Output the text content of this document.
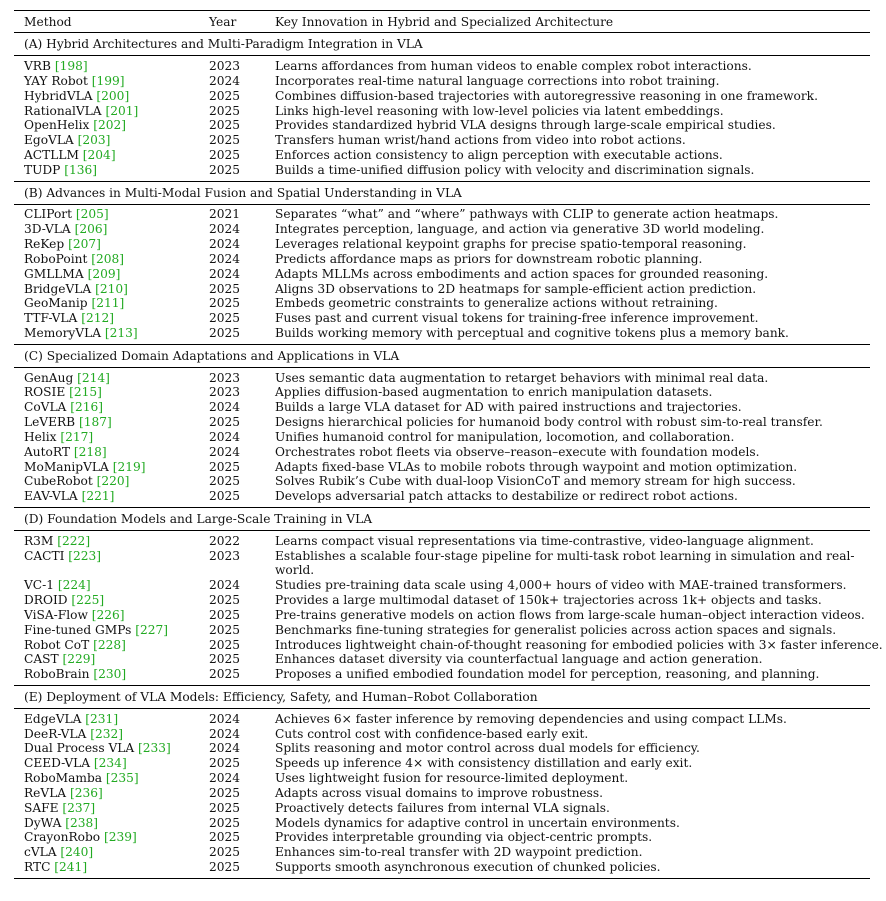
Method	Year	Key Innovation in Hybrid and Specialized Architecture
(A) Hybrid Architectures and Multi-Paradigm Integration in VLA
VRB [198]	2023	Learns affordances from human videos to enable complex robot interactions.
YAY Robot [199]	2024	Incorporates real-time natural language corrections into robot training.
HybridVLA [200]	2025	Combines diffusion-based trajectories with autoregressive reasoning in one framework.
RationalVLA [201]	2025	Links high-level reasoning with low-level policies via latent embeddings.
OpenHelix [202]	2025	Provides standardized hybrid VLA designs through large-scale empirical studies.
EgoVLA [203]	2025	Transfers human wrist/hand actions from video into robot actions.
ACTLLM [204]	2025	Enforces action consistency to align perception with executable actions.
TUDP [136]	2025	Builds a time-unified diffusion policy with velocity and discrimination signals.
(B) Advances in Multi-Modal Fusion and Spatial Understanding in VLA
CLIPort [205]	2021	Separates “what” and “where” pathways with CLIP to generate action heatmaps.
3D-VLA [206]	2024	Integrates perception, language, and action via generative 3D world modeling.
ReKep [207]	2024	Leverages relational keypoint graphs for precise spatio-temporal reasoning.
RoboPoint [208]	2024	Predicts affordance maps as priors for downstream robotic planning.
GMLLMA [209]	2024	Adapts MLLMs across embodiments and action spaces for grounded reasoning.
BridgeVLA [210]	2025	Aligns 3D observations to 2D heatmaps for sample-efficient action prediction.
GeoManip [211]	2025	Embeds geometric constraints to generalize actions without retraining.
TTF-VLA [212]	2025	Fuses past and current visual tokens for training-free inference improvement.
MemoryVLA [213]	2025	Builds working memory with perceptual and cognitive tokens plus a memory bank.
(C) Specialized Domain Adaptations and Applications in VLA
GenAug [214]	2023	Uses semantic data augmentation to retarget behaviors with minimal real data.
ROSIE [215]	2023	Applies diffusion-based augmentation to enrich manipulation datasets.
CoVLA [216]	2024	Builds a large VLA dataset for AD with paired instructions and trajectories.
LeVERB [187]	2025	Designs hierarchical policies for humanoid body control with robust sim-to-real transfer.
Helix [217]	2024	Unifies humanoid control for manipulation, locomotion, and collaboration.
AutoRT [218]	2024	Orchestrates robot fleets via observe–reason–execute with foundation models.
MoManipVLA [219]	2025	Adapts fixed-base VLAs to mobile robots through waypoint and motion optimization.
CubeRobot [220]	2025	Solves Rubik’s Cube with dual-loop VisionCoT and memory stream for high success.
EAV-VLA [221]	2025	Develops adversarial patch attacks to destabilize or redirect robot actions.
(D) Foundation Models and Large-Scale Training in VLA
R3M [222]	2022	Learns compact visual representations via time-contrastive, video-language alignment.
CACTI [223]	2023	Establishes a scalable four-stage pipeline for multi-task robot learning in simulation and real-world.
VC-1 [224]	2024	Studies pre-training data scale using 4,000+ hours of video with MAE-trained transformers.
DROID [225]	2025	Provides a large multimodal dataset of 150k+ trajectories across 1k+ objects and tasks.
ViSA-Flow [226]	2025	Pre-trains generative models on action flows from large-scale human–object interaction videos.
Fine-tuned GMPs [227]	2025	Benchmarks fine-tuning strategies for generalist policies across action spaces and signals.
Robot CoT [228]	2025	Introduces lightweight chain-of-thought reasoning for embodied policies with 3× faster inference.
CAST [229]	2025	Enhances dataset diversity via counterfactual language and action generation.
RoboBrain [230]	2025	Proposes a unified embodied foundation model for perception, reasoning, and planning.
(E) Deployment of VLA Models: Efficiency, Safety, and Human–Robot Collaboration
EdgeVLA [231]	2024	Achieves 6× faster inference by removing dependencies and using compact LLMs.
DeeR-VLA [232]	2024	Cuts control cost with confidence-based early exit.
Dual Process VLA [233]	2024	Splits reasoning and motor control across dual models for efficiency.
CEED-VLA [234]	2025	Speeds up inference 4× with consistency distillation and early exit.
RoboMamba [235]	2024	Uses lightweight fusion for resource-limited deployment.
ReVLA [236]	2025	Adapts across visual domains to improve robustness.
SAFE [237]	2025	Proactively detects failures from internal VLA signals.
DyWA [238]	2025	Models dynamics for adaptive control in uncertain environments.
CrayonRobo [239]	2025	Provides interpretable grounding via object-centric prompts.
cVLA [240]	2025	Enhances sim-to-real transfer with 2D waypoint prediction.
RTC [241]	2025	Supports smooth asynchronous execution of chunked policies.
